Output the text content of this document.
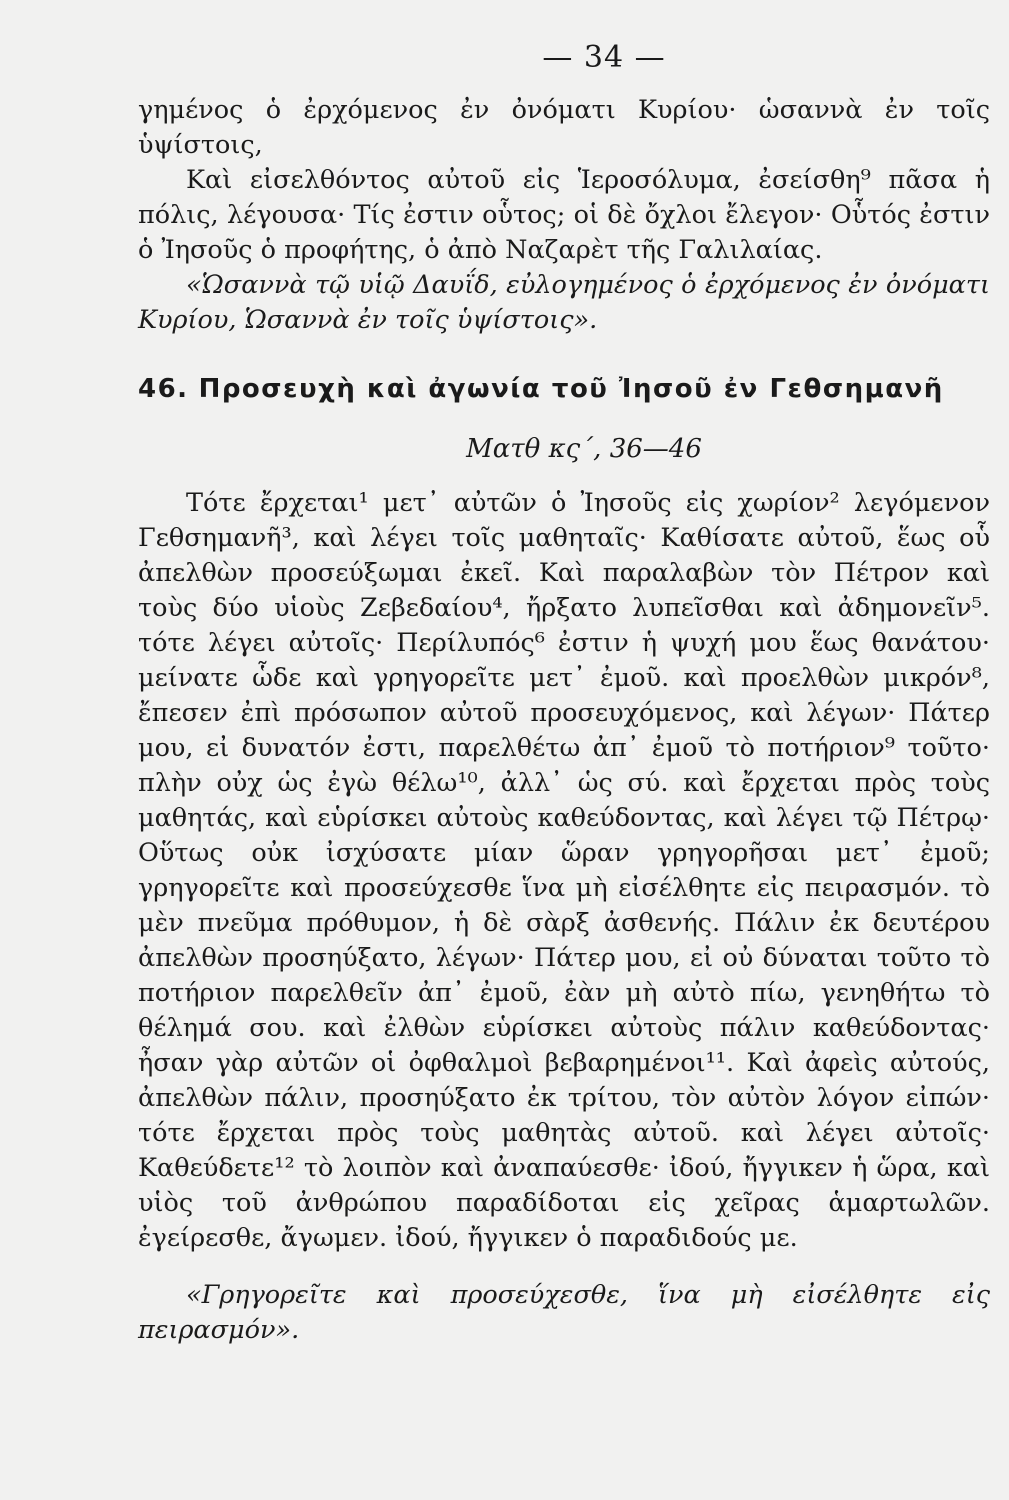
— 34 —

γημένος ὁ ἐρχόμενος ἐν ὀνόματι Κυρίου· ὡσαννὰ ἐν τοῖς ὑψίστοις,

Καὶ εἰσελθόντος αὐτοῦ εἰς Ἱεροσόλυμα, ἐσείσθη⁹ πᾶσα ἡ πόλις, λέγουσα· Τίς ἐστιν οὗτος; οἱ δὲ ὄχλοι ἔλεγον· Οὗτός ἐστιν ὁ Ἰησοῦς ὁ προφήτης, ὁ ἀπὸ Ναζαρὲτ τῆς Γαλιλαίας.

«Ὡσαννὰ τῷ υἱῷ Δαυΐδ, εὐλογημένος ὁ ἐρχόμενος ἐν ὀνόματι Κυρίου, Ὡσαννὰ ἐν τοῖς ὑψίστοις».

46. Προσευχὴ καὶ ἀγωνία τοῦ Ἰησοῦ ἐν Γεθσημανῆ
Ματθ κς΄, 36—46

Τότε ἔρχεται¹ μετ᾽ αὐτῶν ὁ Ἰησοῦς εἰς χωρίον² λεγόμενον Γεθσημανῆ³, καὶ λέγει τοῖς μαθηταῖς· Καθίσατε αὐτοῦ, ἕως οὗ ἀπελθὼν προσεύξωμαι ἐκεῖ. Καὶ παραλαβὼν τὸν Πέτρον καὶ τοὺς δύο υἱοὺς Ζεβεδαίου⁴, ἤρξατο λυπεῖσθαι καὶ ἀδημονεῖν⁵. τότε λέγει αὐτοῖς· Περίλυπός⁶ ἐστιν ἡ ψυχή μου ἕως θανάτου· μείνατε ὧδε καὶ γρηγορεῖτε μετ᾽ ἐμοῦ. καὶ προελθὼν μικρόν⁸, ἔπεσεν ἐπὶ πρόσωπον αὐτοῦ προσευχόμενος, καὶ λέγων· Πάτερ μου, εἰ δυνατόν ἐστι, παρελθέτω ἀπ᾽ ἐμοῦ τὸ ποτήριον⁹ τοῦτο· πλὴν οὐχ ὡς ἐγὼ θέλω¹⁰, ἀλλ᾽ ὡς σύ. καὶ ἔρχεται πρὸς τοὺς μαθητάς, καὶ εὑρίσκει αὐτοὺς καθεύδοντας, καὶ λέγει τῷ Πέτρῳ· Οὕτως οὐκ ἰσχύσατε μίαν ὥραν γρηγορῆσαι μετ᾽ ἐμοῦ; γρηγορεῖτε καὶ προσεύχεσθε ἵνα μὴ εἰσέλθητε εἰς πειρασμόν. τὸ μὲν πνεῦμα πρόθυμον, ἡ δὲ σὰρξ ἀσθενής. Πάλιν ἐκ δευτέρου ἀπελθὼν προσηύξατο, λέγων· Πάτερ μου, εἰ οὐ δύναται τοῦτο τὸ ποτήριον παρελθεῖν ἀπ᾽ ἐμοῦ, ἐὰν μὴ αὐτὸ πίω, γενηθήτω τὸ θέλημά σου. καὶ ἐλθὼν εὑρίσκει αὐτοὺς πάλιν καθεύδοντας· ἦσαν γὰρ αὐτῶν οἱ ὀφθαλμοὶ βεβαρημένοι¹¹. Καὶ ἀφεὶς αὐτούς, ἀπελθὼν πάλιν, προσηύξατο ἐκ τρίτου, τὸν αὐτὸν λόγον εἰπών· τότε ἔρχεται πρὸς τοὺς μαθητὰς αὐτοῦ. καὶ λέγει αὐτοῖς· Καθεύδετε¹² τὸ λοιπὸν καὶ ἀναπαύεσθε· ἰδού, ἤγγικεν ἡ ὥρα, καὶ υἱὸς τοῦ ἀνθρώπου παραδίδοται εἰς χεῖρας ἁμαρτωλῶν. ἐγείρεσθε, ἄγωμεν. ἰδού, ἤγγικεν ὁ παραδιδούς με.

«Γρηγορεῖτε καὶ προσεύχεσθε, ἵνα μὴ εἰσέλθητε εἰς πειρασμόν».
